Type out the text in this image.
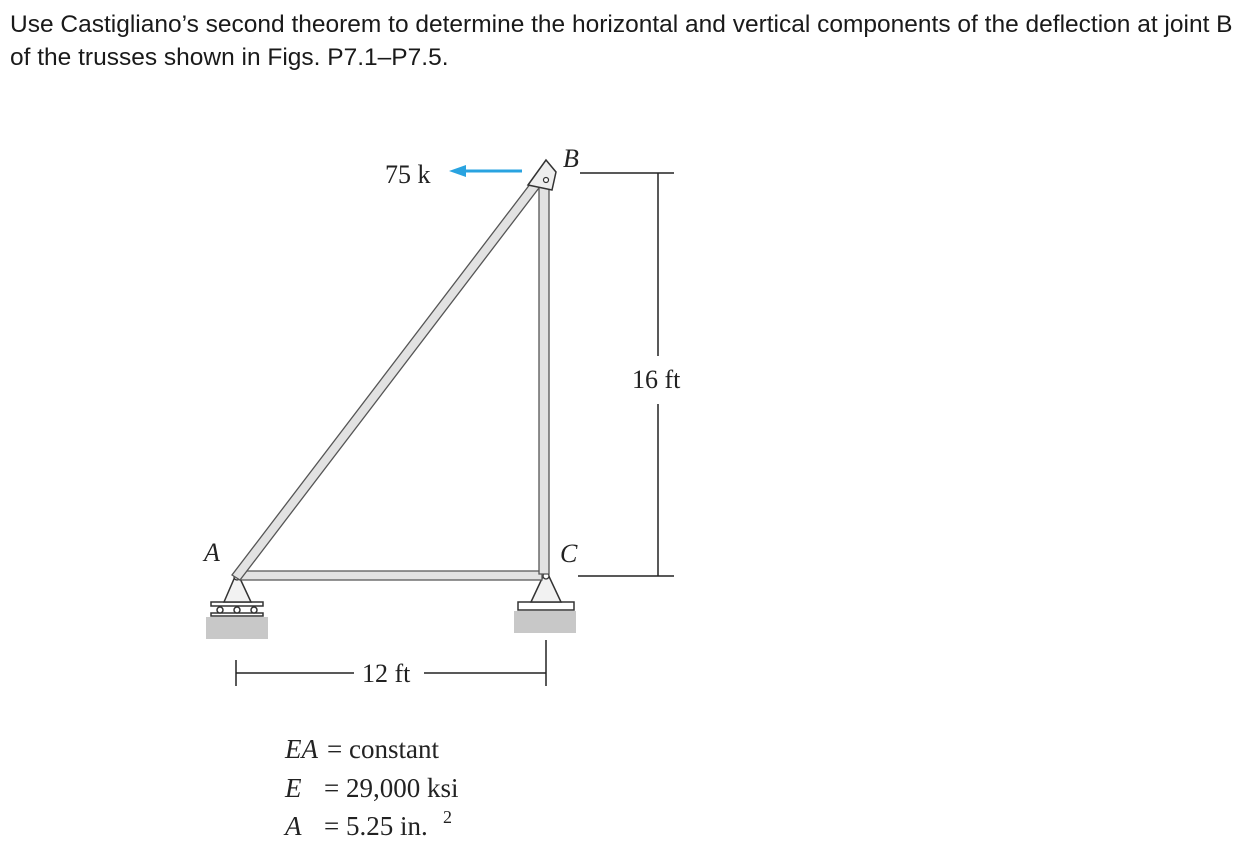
Use Castigliano’s second theorem to determine the horizontal and vertical components of the deflection at joint B of the trusses shown in Figs. P7.1–P7.5.

75 k
B
A	C
16 ft
12 ft
EA = constant
E = 29,000 ksi
A = 5.25 in. 2
